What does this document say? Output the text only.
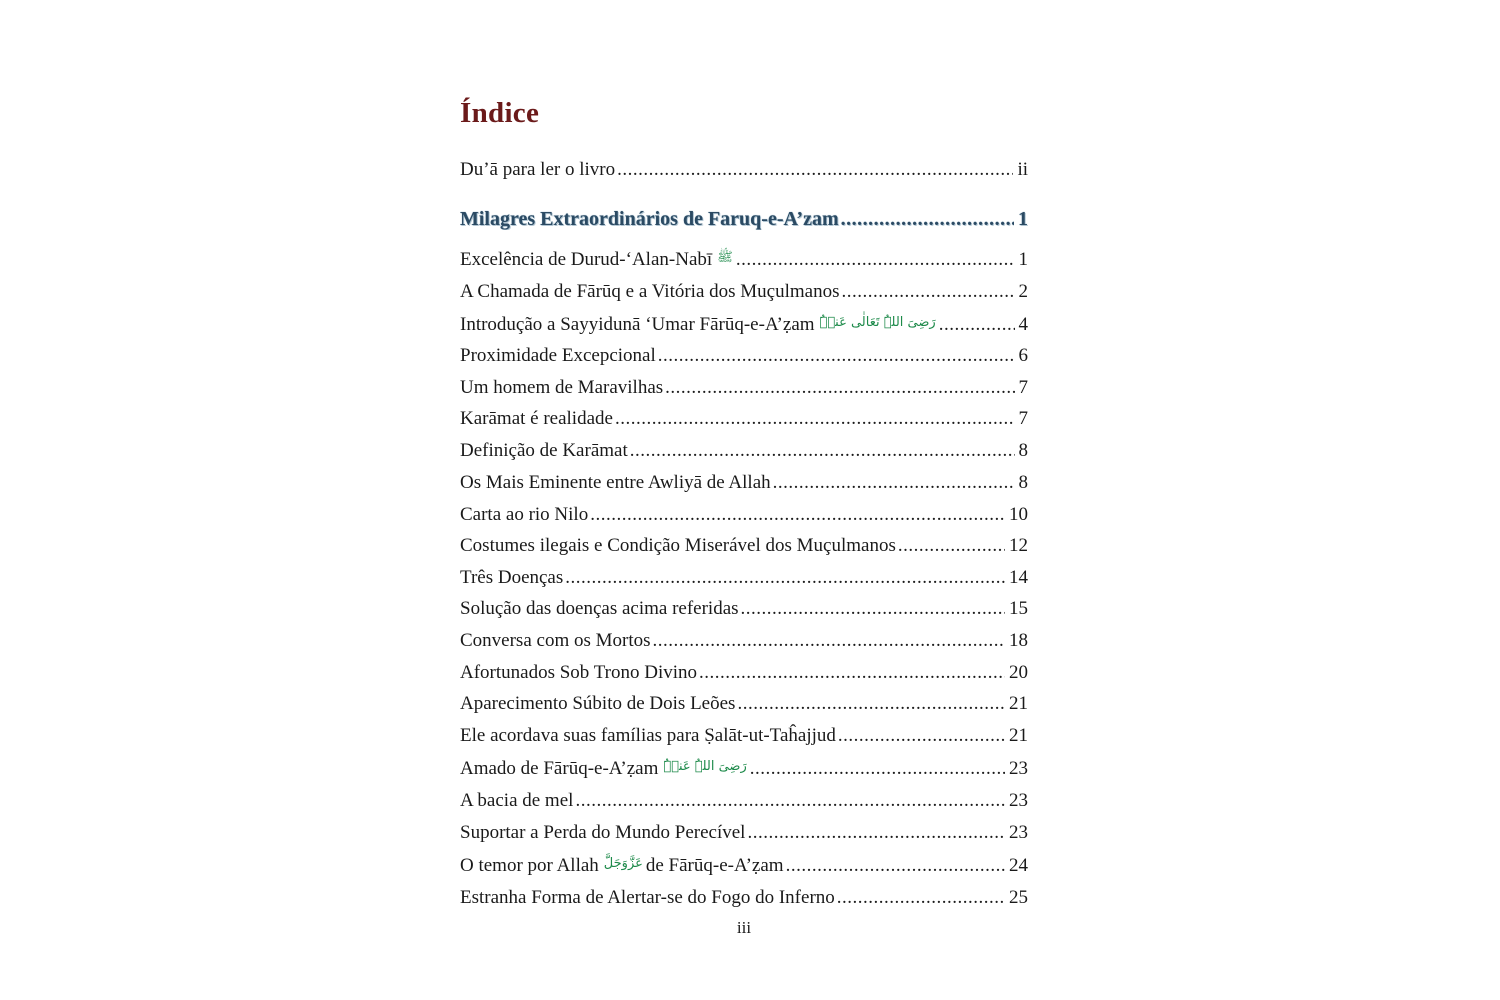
Índice
Du’ā para ler o livro .....	ii
Milagres Extraordinários de Faruq-e-A’zam .....	1
Excelência de Durud-‘Alan-Nabī ﷺ .....	1
A Chamada de Fārūq e a Vitória dos Muçulmanos .....	2
Introdução a Sayyidunā ‘Umar Fārūq-e-A’ẓam رَضِیَ اللہُ تَعَالٰی عَنۡہُ .....	4
Proximidade Excepcional .....	6
Um homem de Maravilhas .....	7
Karāmat é realidade .....	7
Definição de Karāmat .....	8
Os Mais Eminente entre Awliyā de Allah .....	8
Carta ao rio Nilo .....	10
Costumes ilegais e Condição Miserável dos Muçulmanos .....	12
Três Doenças .....	14
Solução das doenças acima referidas .....	15
Conversa com os Mortos .....	18
Afortunados Sob Trono Divino .....	20
Aparecimento Súbito de Dois Leões .....	21
Ele acordava suas famílias para Ṣalāt-ut-Taĥajjud .....	21
Amado de Fārūq-e-A’ẓam رَضِیَ اللہُ عَنۡہُ .....	23
A bacia de mel .....	23
Suportar a Perda do Mundo Perecível .....	23
O temor por Allah عَزَّوَجَلَّ de Fārūq-e-A’ẓam .....	24
Estranha Forma de Alertar-se do Fogo do Inferno .....	25
iii
